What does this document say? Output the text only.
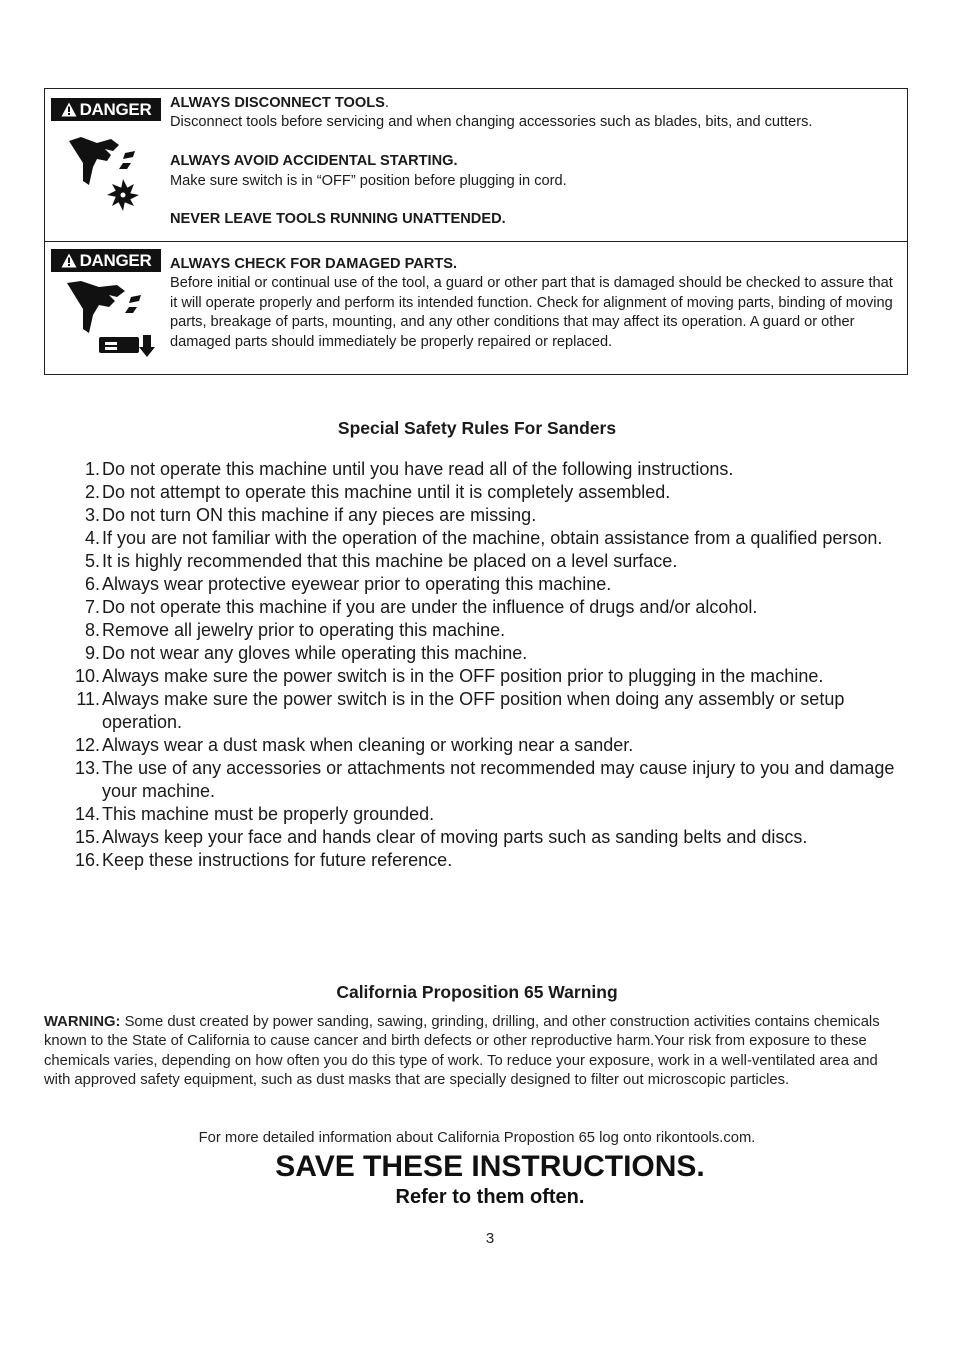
DANGER ALWAYS DISCONNECT TOOLS.

Disconnect tools before servicing and when changing accessories such as blades, bits, and cutters.

ALWAYS AVOID ACCIDENTAL STARTING.

Make sure switch is in “OFF” position before plugging in cord.

NEVER LEAVE TOOLS RUNNING UNATTENDED.

DANGER ALWAYS CHECK FOR DAMAGED PARTS.

Before initial or continual use of the tool, a guard or other part that is damaged should be checked to assure that it will operate properly and perform its intended function. Check for alignment of moving parts, binding of moving parts, breakage of parts, mounting, and any other conditions that may affect its operation. A guard or other damaged parts should immediately be properly repaired or replaced.

Special Safety Rules For Sanders
1. Do not operate this machine until you have read all of the following instructions.
2. Do not attempt to operate this machine until it is completely assembled.
3. Do not turn ON this machine if any pieces are missing.
4. If you are not familiar with the operation of the machine, obtain assistance from a qualified person.
5. It is highly recommended that this machine be placed on a level surface.
6. Always wear protective eyewear prior to operating this machine.
7. Do not operate this machine if you are under the influence of drugs and/or alcohol.
8. Remove all jewelry prior to operating this machine.
9. Do not wear any gloves while operating this machine.
10. Always make sure the power switch is in the OFF position prior to plugging in the machine.
11. Always make sure the power switch is in the OFF position when doing any assembly or setup operation.
12. Always wear a dust mask when cleaning or working near a sander.
13. The use of any accessories or attachments not recommended may cause injury to you and damage your machine.
14. This machine must be properly grounded.
15. Always keep your face and hands clear of moving parts such as sanding belts and discs.
16. Keep these instructions for future reference.
California Proposition 65 Warning
WARNING: Some dust created by power sanding, sawing, grinding, drilling, and other construction activities contains chemicals known to the State of California to cause cancer and birth defects or other reproductive harm.Your risk from exposure to these chemicals varies, depending on how often you do this type of work. To reduce your exposure, work in a well-ventilated area and with approved safety equipment, such as dust masks that are specially designed to filter out microscopic particles.
For more detailed information about California Propostion 65 log onto rikontools.com.
SAVE THESE INSTRUCTIONS.
Refer to them often.
3
